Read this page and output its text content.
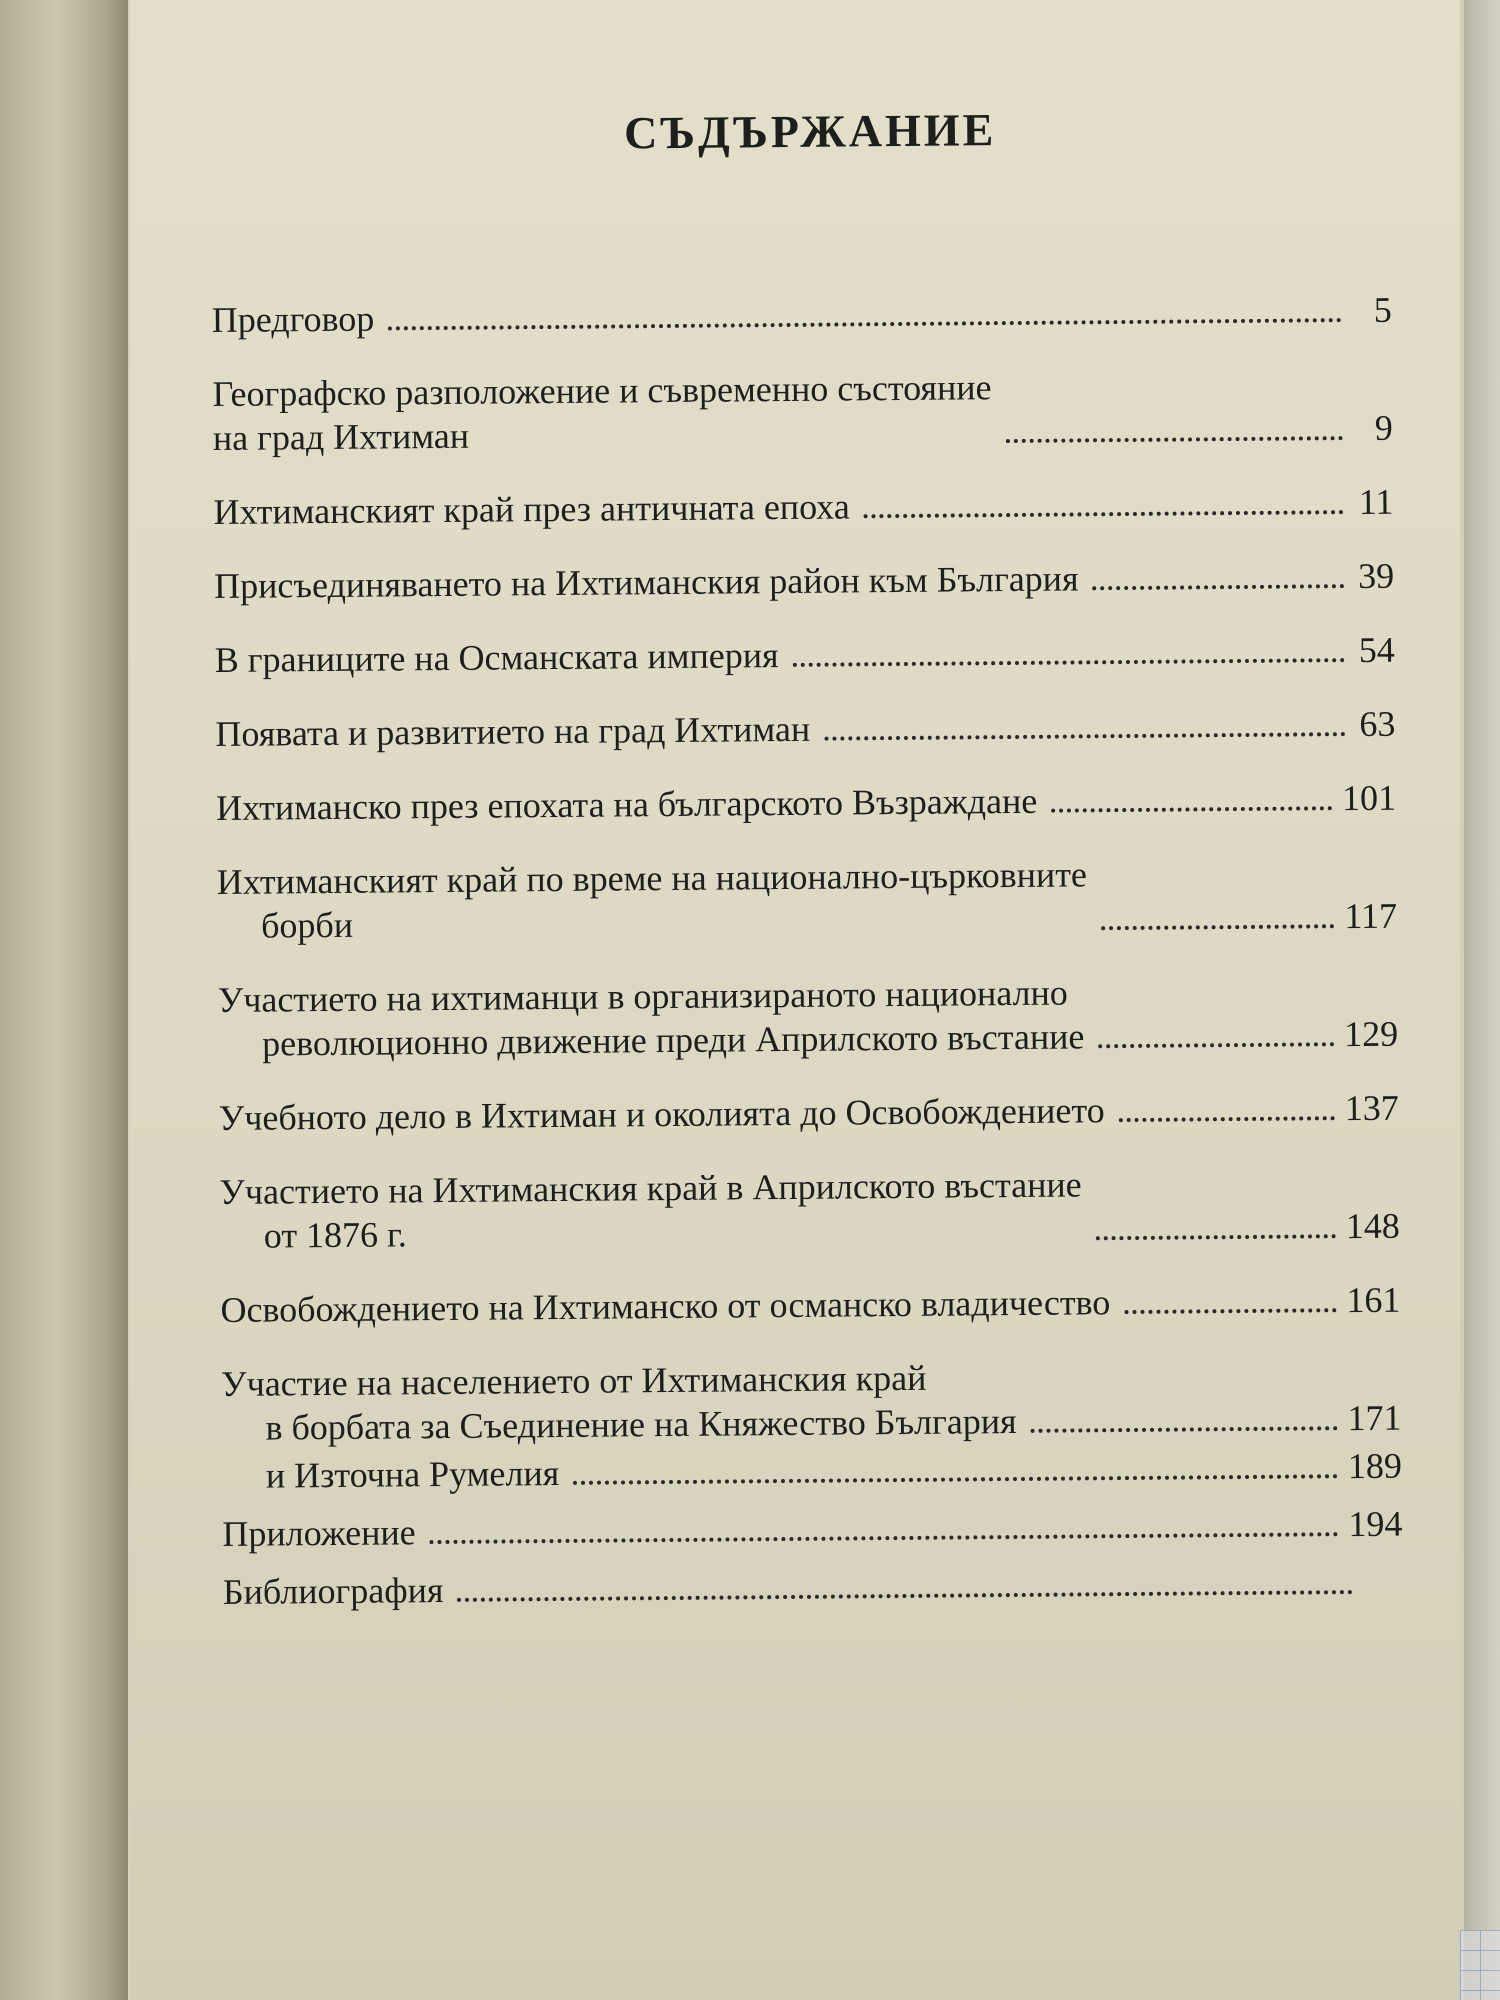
СЪДЪРЖАНИЕ
Предговор	5
Географско разположение и съвременно състояние
на град Ихтиман	9
Ихтиманският край през античната епоха	11
Присъединяването на Ихтиманския район към България	39
В границите на Османската империя	54
Появата и развитието на град Ихтиман	63
Ихтиманско през епохата на българското Възраждане	101
Ихтиманският край по време на национално-църковните
борби	117
Участието на ихтиманци в организираното национално
революционно движение преди Априлското въстание	129
Учебното дело в Ихтиман и околията до Освобождението	137
Участието на Ихтиманския край в Априлското въстание
от 1876 г.	148
Освобождението на Ихтиманско от османско владичество	161
Участие на населението от Ихтиманския край
в борбата за Съединение на Княжество България	171
и Източна Румелия	189
Приложение	194
Библиография
